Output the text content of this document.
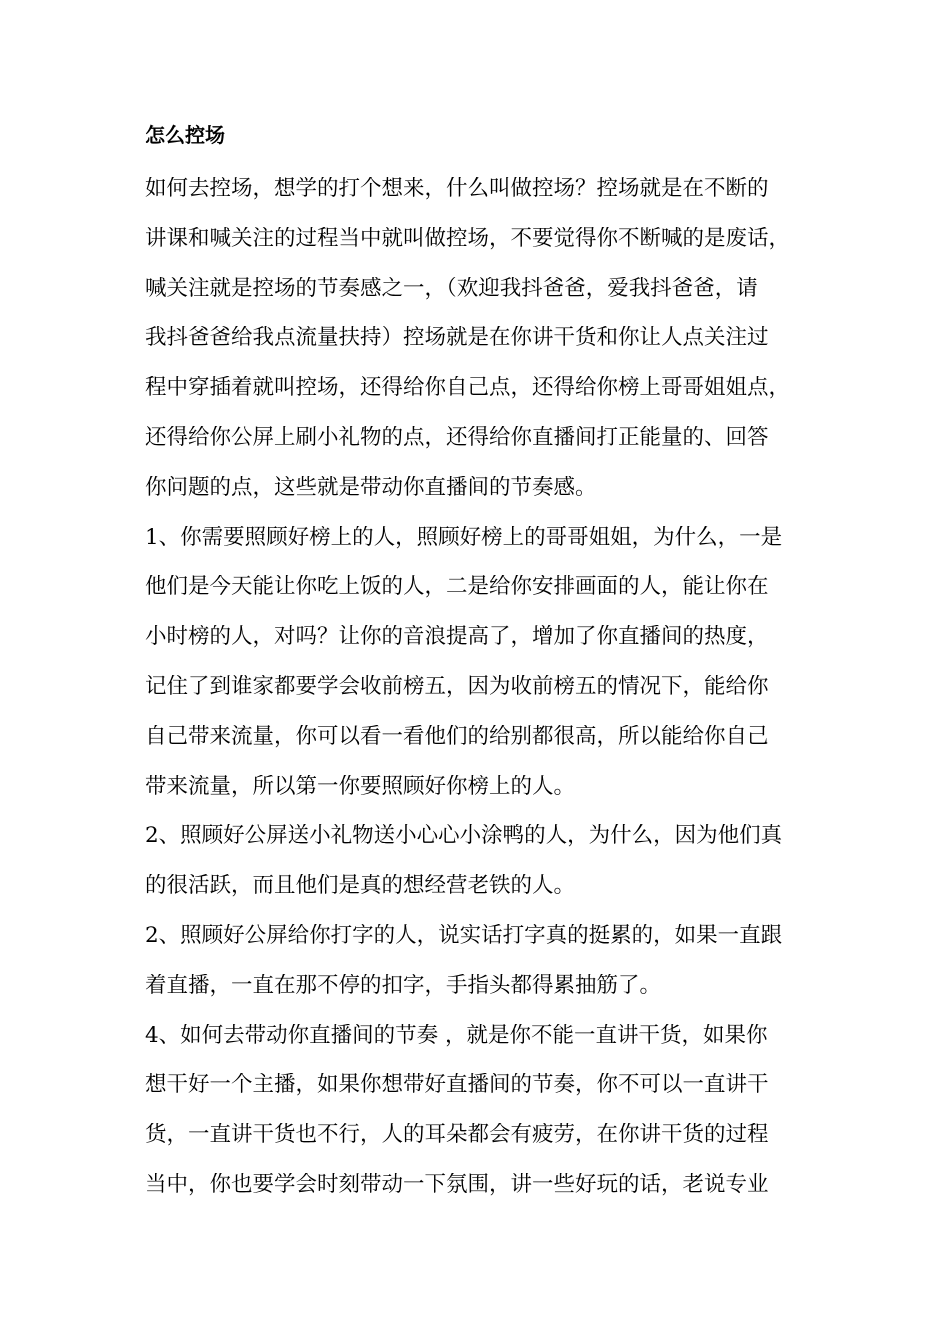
怎么控场
如何去控场，想学的打个想来，什么叫做控场？控场就是在不断的
讲课和喊关注的过程当中就叫做控场，不要觉得你不断喊的是废话，
喊关注就是控场的节奏感之一，（欢迎我抖爸爸，爱我抖爸爸，请
我抖爸爸给我点流量扶持）控场就是在你讲干货和你让人点关注过
程中穿插着就叫控场，还得给你自己点，还得给你榜上哥哥姐姐点，
还得给你公屏上刷小礼物的点，还得给你直播间打正能量的、回答
你问题的点，这些就是带动你直播间的节奏感。
1、你需要照顾好榜上的人，照顾好榜上的哥哥姐姐，为什么，一是
他们是今天能让你吃上饭的人，二是给你安排画面的人，能让你在
小时榜的人，对吗？让你的音浪提高了，增加了你直播间的热度，
记住了到谁家都要学会收前榜五，因为收前榜五的情况下，能给你
自己带来流量，你可以看一看他们的给别都很高，所以能给你自己
带来流量，所以第一你要照顾好你榜上的人。
2、照顾好公屏送小礼物送小心心小涂鸭的人，为什么，因为他们真
的很活跃，而且他们是真的想经营老铁的人。
2、照顾好公屏给你打字的人，说实话打字真的挺累的，如果一直跟
着直播，一直在那不停的扣字，手指头都得累抽筋了。
4、如何去带动你直播间的节奏 ，就是你不能一直讲干货，如果你
想干好一个主播，如果你想带好直播间的节奏，你不可以一直讲干
货，一直讲干货也不行，人的耳朵都会有疲劳，在你讲干货的过程
当中，你也要学会时刻带动一下氛围，讲一些好玩的话，老说专业
